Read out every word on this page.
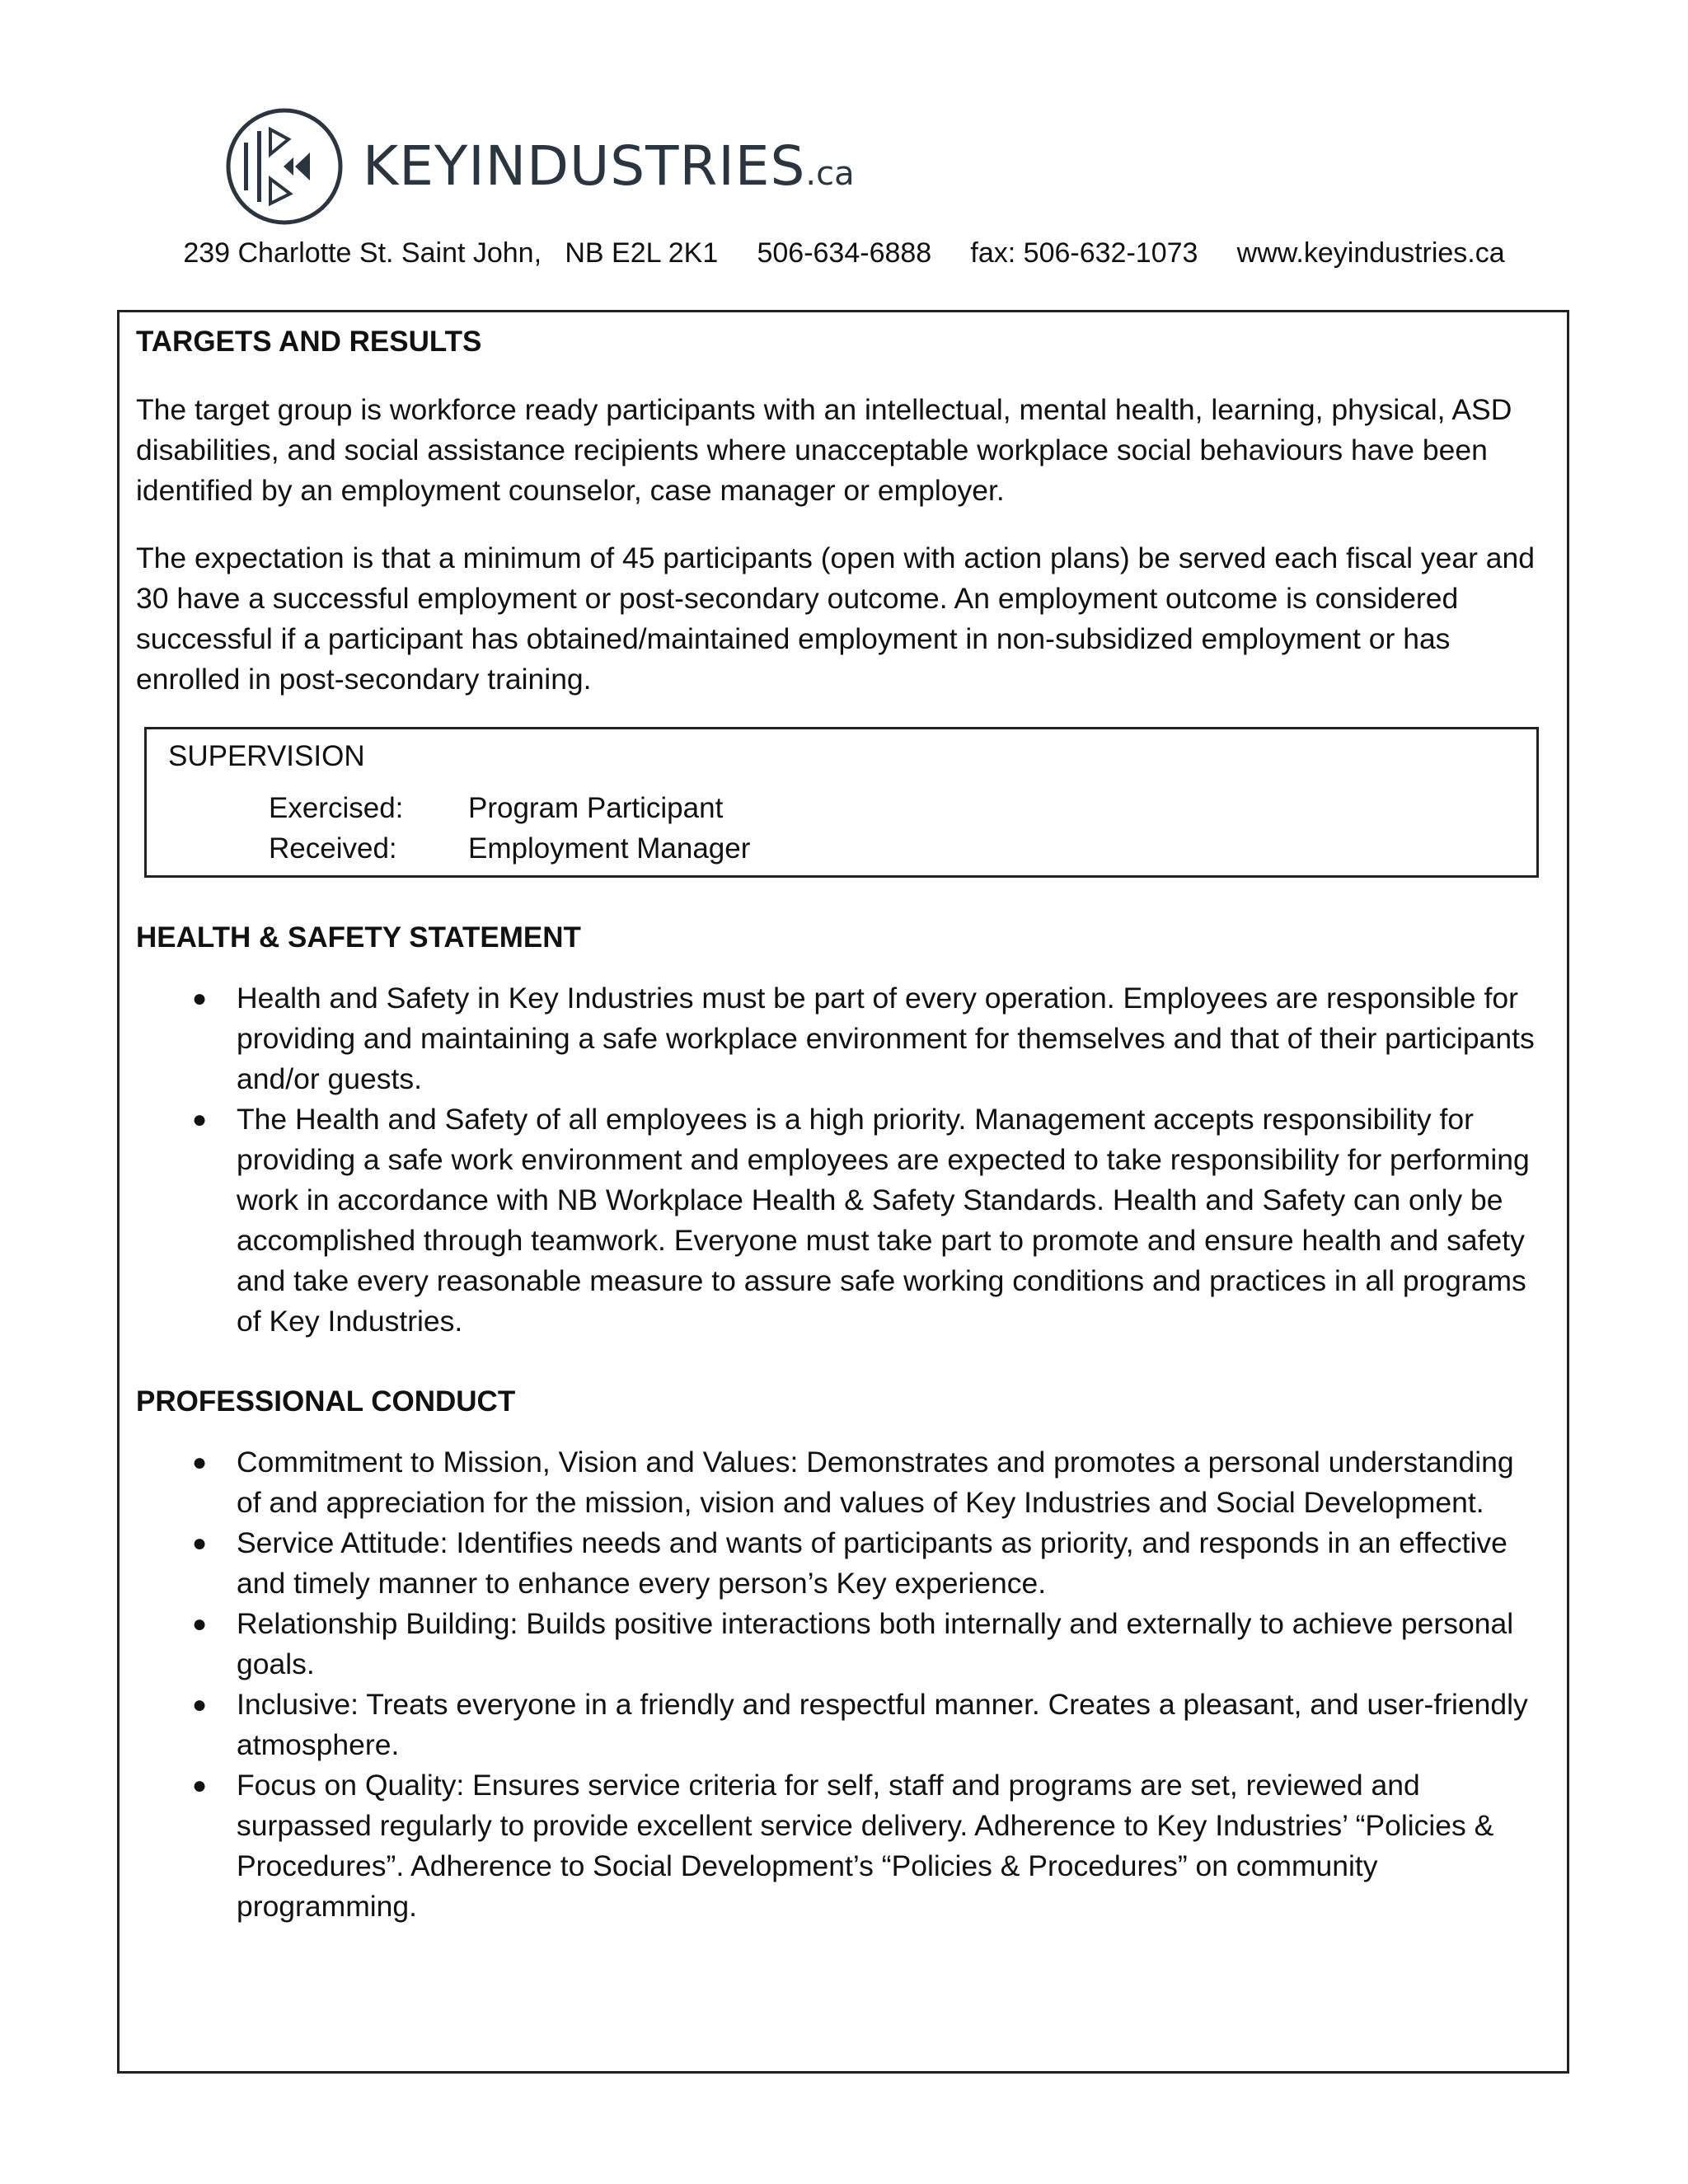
KEYINDUSTRIES.ca
239 Charlotte St. Saint John,   NB E2L 2K1     506-634-6888     fax: 506-632-1073     www.keyindustries.ca
TARGETS AND RESULTS

The target group is workforce ready participants with an intellectual, mental health, learning, physical, ASD disabilities, and social assistance recipients where unacceptable workplace social behaviours have been identified by an employment counselor, case manager or employer.

The expectation is that a minimum of 45 participants (open with action plans) be served each fiscal year and 30 have a successful employment or post-secondary outcome. An employment outcome is considered successful if a participant has obtained/maintained employment in non-subsidized employment or has enrolled in post-secondary training.

SUPERVISION
Exercised:	Program Participant
Received:	Employment Manager
HEALTH & SAFETY STATEMENT
● Health and Safety in Key Industries must be part of every operation. Employees are responsible for providing and maintaining a safe workplace environment for themselves and that of their participants and/or guests.
● The Health and Safety of all employees is a high priority. Management accepts responsibility for providing a safe work environment and employees are expected to take responsibility for performing work in accordance with NB Workplace Health & Safety Standards. Health and Safety can only be accomplished through teamwork. Everyone must take part to promote and ensure health and safety and take every reasonable measure to assure safe working conditions and practices in all programs of Key Industries.
PROFESSIONAL CONDUCT
● Commitment to Mission, Vision and Values: Demonstrates and promotes a personal understanding of and appreciation for the mission, vision and values of Key Industries and Social Development.
● Service Attitude: Identifies needs and wants of participants as priority, and responds in an effective and timely manner to enhance every person’s Key experience.
● Relationship Building: Builds positive interactions both internally and externally to achieve personal goals.
● Inclusive: Treats everyone in a friendly and respectful manner. Creates a pleasant, and user-friendly atmosphere.
● Focus on Quality: Ensures service criteria for self, staff and programs are set, reviewed and surpassed regularly to provide excellent service delivery. Adherence to Key Industries’ “Policies & Procedures”. Adherence to Social Development’s “Policies & Procedures” on community programming.
